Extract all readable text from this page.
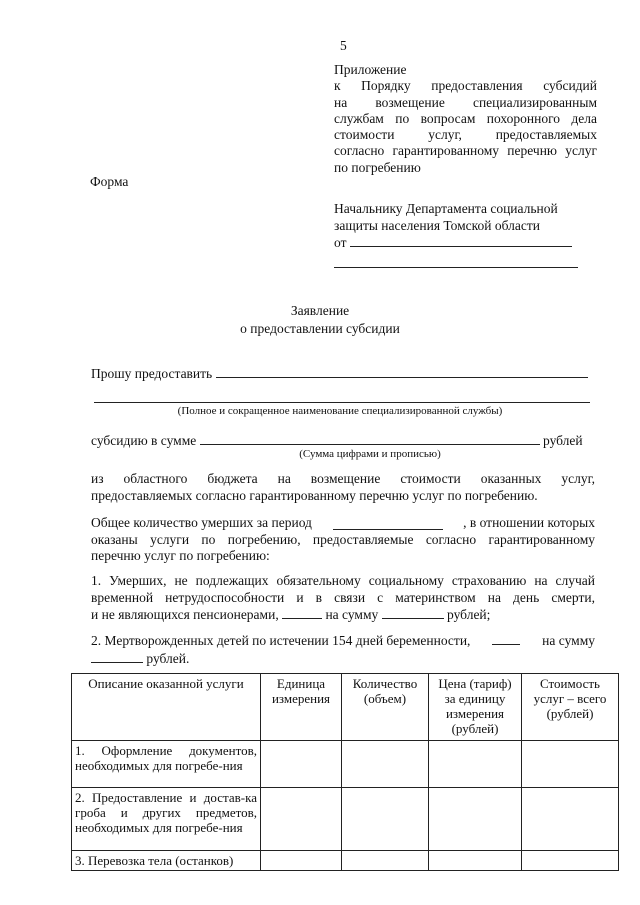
5
Приложение
к Порядку предоставления субсидий
на возмещение специализированным
службам по вопросам похоронного дела
стоимости услуг, предоставляемых
согласно гарантированному перечню услуг
по погребению
Форма
Начальнику Департамента социальной
защиты населения Томской области
от
Заявление
о предоставлении субсидии
Прошу предоставить
(Полное и сокращенное наименование специализированной службы)
субсидию в сумме	рублей
(Сумма цифрами и прописью)
из областного бюджета на возмещение стоимости оказанных услуг,
предоставляемых согласно гарантированному перечню услуг по погребению.
Общее количество умерших за период	, в отношении которых
оказаны услуги по погребению, предоставляемые согласно гарантированному
перечню услуг по погребению:
1. Умерших, не подлежащих обязательному социальному страхованию на случай
временной нетрудоспособности и в связи с материнством на день смерти,
и не являющихся пенсионерами,	на сумму	рублей;
2. Мертворожденных детей по истечении 154 дней беременности,	на сумму
рублей.
Описание оказанной услуги	Единица измерения	Количество (объем)	Цена (тариф) за единицу измерения (рублей)	Стоимость услуг – всего (рублей)
1. Оформление документов, необходимых для погребе-ния				
2. Предоставление и достав-ка гроба и других предметов, необходимых для погребе-ния				
3. Перевозка тела (останков)				
